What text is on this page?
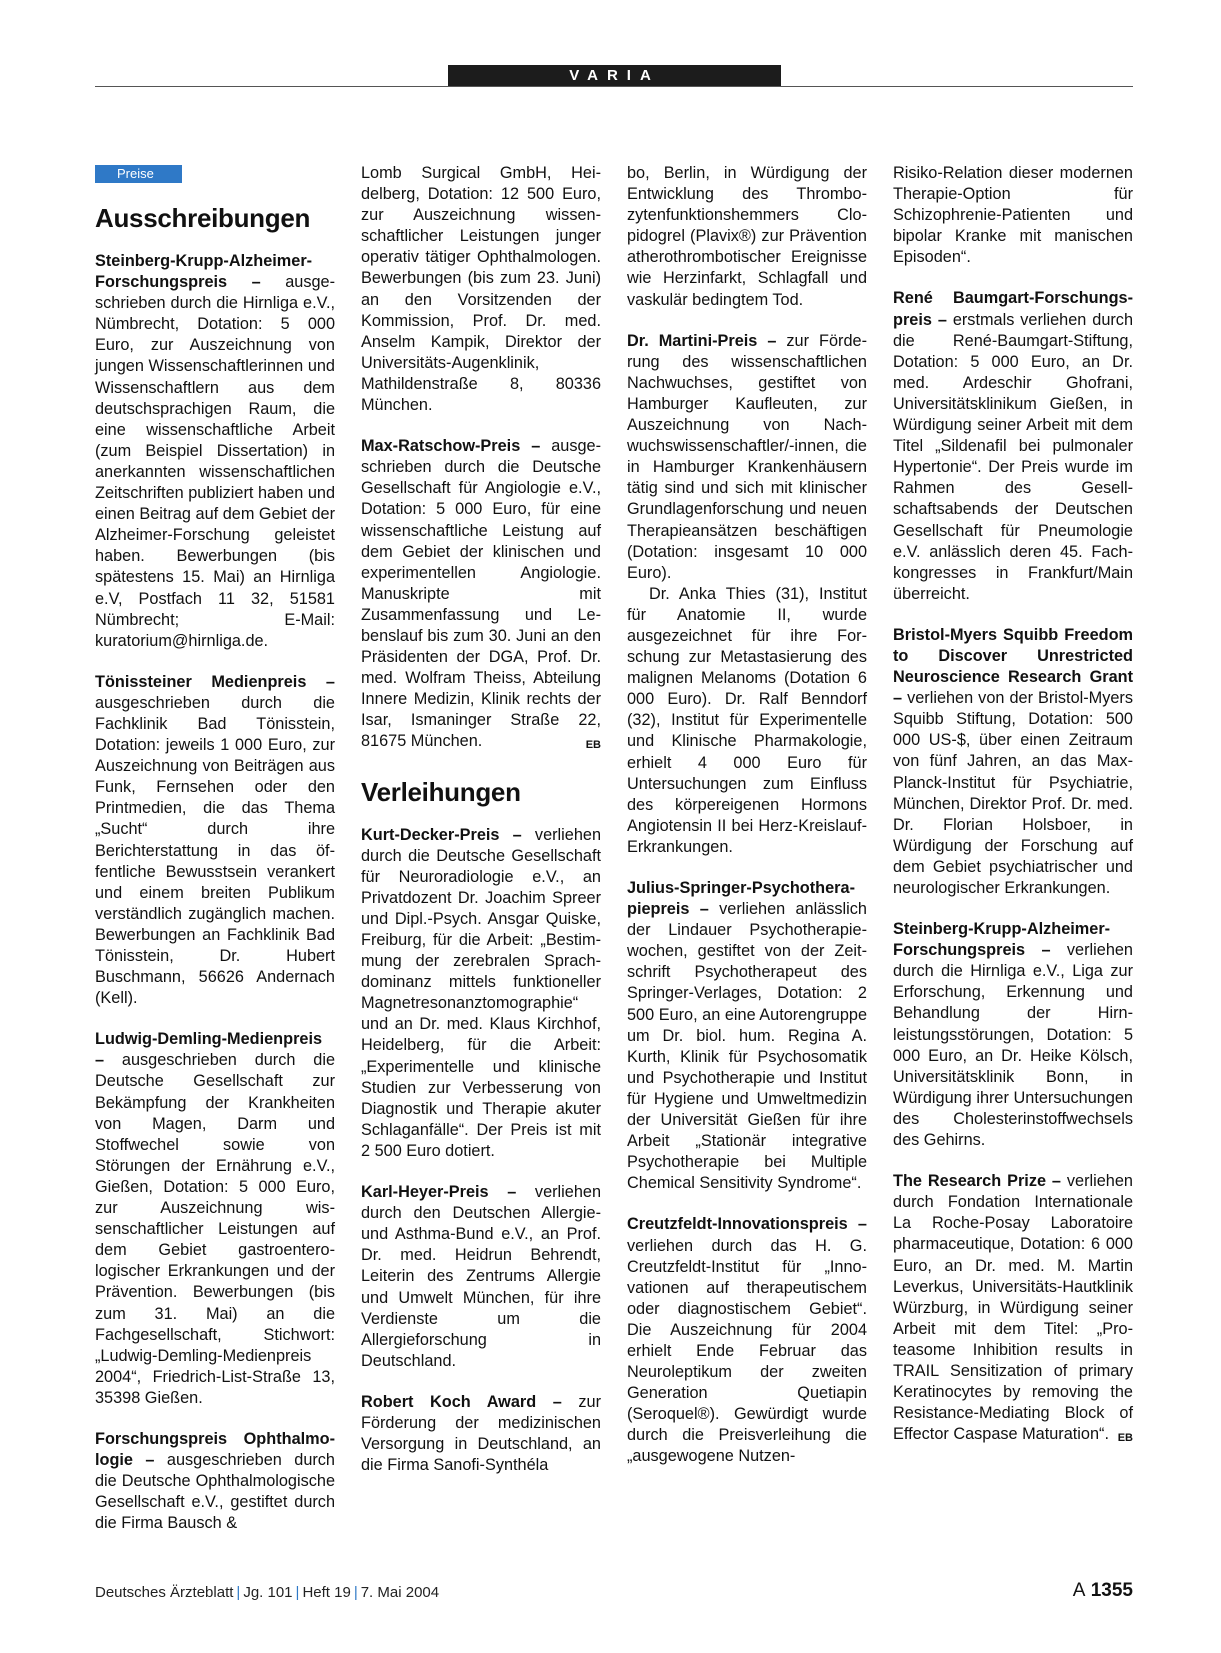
VARIA
Preise
Ausschreibungen

Steinberg-Krupp-Alzheimer-Forschungspreis – ausgeschrieben durch die Hirnliga e.V., Nümbrecht, Dotation: 5 000 Euro, zur Auszeichnung von jungen Wissenschaftlerinnen und Wissenschaftlern aus dem deutschsprachigen Raum, die eine wissenschaftliche Arbeit (zum Beispiel Dissertation) in anerkannten wissenschaftlichen Zeitschriften publiziert haben und einen Beitrag auf dem Gebiet der Alzheimer-Forschung geleistet haben. Bewerbungen (bis spätestens 15. Mai) an Hirnliga e.V, Postfach 11 32, 51581 Nümbrecht; E-Mail: kuratorium@hirnliga.de.

Tönissteiner Medienpreis – ausgeschrieben durch die Fachklinik Bad Tönisstein, Dotation: jeweils 1 000 Euro, zur Auszeichnung von Beiträgen aus Funk, Fernsehen oder den Printmedien, die das Thema „Sucht“ durch ihre Berichterstattung in das öffentliche Bewusstsein verankert und einem breiten Publikum verständlich zugänglich machen. Bewerbungen an Fachklinik Bad Tönisstein, Dr. Hubert Buschmann, 56626 Andernach (Kell).

Ludwig-Demling-Medienpreis – ausgeschrieben durch die Deutsche Gesellschaft zur Bekämpfung der Krankheiten von Magen, Darm und Stoffwechel sowie von Störungen der Ernährung e.V., Gießen, Dotation: 5 000 Euro, zur Auszeichnung wissenschaftlicher Leistungen auf dem Gebiet gastroenterologischer Erkrankungen und der Prävention. Bewerbungen (bis zum 31. Mai) an die Fachgesellschaft, Stichwort: „Ludwig-Demling-Medienpreis 2004“, Friedrich-List-Straße 13, 35398 Gießen.

Forschungspreis Ophthalmologie – ausgeschrieben durch die Deutsche Ophthalmologische Gesellschaft e.V., gestiftet durch die Firma Bausch &

Lomb Surgical GmbH, Heidelberg, Dotation: 12 500 Euro, zur Auszeichnung wissenschaftlicher Leistungen junger operativ tätiger Ophthalmologen. Bewerbungen (bis zum 23. Juni) an den Vorsitzenden der Kommission, Prof. Dr. med. Anselm Kampik, Direktor der Universitäts-Augenklinik, Mathildenstraße 8, 80336 München.

Max-Ratschow-Preis – ausgeschrieben durch die Deutsche Gesellschaft für Angiologie e.V., Dotation: 5 000 Euro, für eine wissenschaftliche Leistung auf dem Gebiet der klinischen und experimentellen Angiologie. Manuskripte mit Zusammenfassung und Lebenslauf bis zum 30. Juni an den Präsidenten der DGA, Prof. Dr. med. Wolfram Theiss, Abteilung Innere Medizin, Klinik rechts der Isar, Ismaninger Straße 22, 81675 München.	EB

Verleihungen

Kurt-Decker-Preis – verliehen durch die Deutsche Gesellschaft für Neuroradiologie e.V., an Privatdozent Dr. Joachim Spreer und Dipl.-Psych. Ansgar Quiske, Freiburg, für die Arbeit: „Bestimmung der zerebralen Sprachdominanz mittels funktioneller Magnetresonanztomographie“ und an Dr. med. Klaus Kirchhof, Heidelberg, für die Arbeit: „Experimentelle und klinische Studien zur Verbesserung von Diagnostik und Therapie akuter Schlaganfälle“. Der Preis ist mit 2 500 Euro dotiert.

Karl-Heyer-Preis – verliehen durch den Deutschen Allergie- und Asthma-Bund e.V., an Prof. Dr. med. Heidrun Behrendt, Leiterin des Zentrums Allergie und Umwelt München, für ihre Verdienste um die Allergieforschung in Deutschland.

Robert Koch Award – zur Förderung der medizinischen Versorgung in Deutschland, an die Firma Sanofi-Synthéla

bo, Berlin, in Würdigung der Entwicklung des Thrombozytenfunktionshemmers Clopidogrel (Plavix®) zur Prävention atherothrombotischer Ereignisse wie Herzinfarkt, Schlagfall und vaskulär bedingtem Tod.

Dr. Martini-Preis – zur Förderung des wissenschaftlichen Nachwuchses, gestiftet von Hamburger Kaufleuten, zur Auszeichnung von Nachwuchswissenschaftler/-innen, die in Hamburger Krankenhäusern tätig sind und sich mit klinischer Grundlagenforschung und neuen Therapieansätzen beschäftigen (Dotation: insgesamt 10 000 Euro).

Dr. Anka Thies (31), Institut für Anatomie II, wurde ausgezeichnet für ihre Forschung zur Metastasierung des malignen Melanoms (Dotation 6 000 Euro). Dr. Ralf Benndorf (32), Institut für Experimentelle und Klinische Pharmakologie, erhielt 4 000 Euro für Untersuchungen zum Einfluss des körpereigenen Hormons Angiotensin II bei Herz-Kreislauf-Erkrankungen.

Julius-Springer-Psychotherapiepreis – verliehen anlässlich der Lindauer Psychotherapiewochen, gestiftet von der Zeitschrift Psychotherapeut des Springer-Verlages, Dotation: 2 500 Euro, an eine Autorengruppe um Dr. biol. hum. Regina A. Kurth, Klinik für Psychosomatik und Psychotherapie und Institut für Hygiene und Umweltmedizin der Universität Gießen für ihre Arbeit „Stationär integrative Psychotherapie bei Multiple Chemical Sensitivity Syndrome“.

Creutzfeldt-Innovationspreis – verliehen durch das H. G. Creutzfeldt-Institut für „Innovationen auf therapeutischem oder diagnostischem Gebiet“. Die Auszeichnung für 2004 erhielt Ende Februar das Neuroleptikum der zweiten Generation Quetiapin (Seroquel®). Gewürdigt wurde durch die Preisverleihung die „ausgewogene Nutzen-

Risiko-Relation dieser modernen Therapie-Option für Schizophrenie-Patienten und bipolar Kranke mit manischen Episoden“.

René Baumgart-Forschungspreis – erstmals verliehen durch die René-Baumgart-Stiftung, Dotation: 5 000 Euro, an Dr. med. Ardeschir Ghofrani, Universitätsklinikum Gießen, in Würdigung seiner Arbeit mit dem Titel „Sildenafil bei pulmonaler Hypertonie“. Der Preis wurde im Rahmen des Gesellschaftsabends der Deutschen Gesellschaft für Pneumologie e.V. anlässlich deren 45. Fachkongresses in Frankfurt/Main überreicht.

Bristol-Myers Squibb Freedom to Discover Unrestricted Neuroscience Research Grant – verliehen von der Bristol-Myers Squibb Stiftung, Dotation: 500 000 US-$, über einen Zeitraum von fünf Jahren, an das Max-Planck-Institut für Psychiatrie, München, Direktor Prof. Dr. med. Dr. Florian Holsboer, in Würdigung der Forschung auf dem Gebiet psychiatrischer und neurologischer Erkrankungen.

Steinberg-Krupp-Alzheimer-Forschungspreis – verliehen durch die Hirnliga e.V., Liga zur Erforschung, Erkennung und Behandlung der Hirnleistungsstörungen, Dotation: 5 000 Euro, an Dr. Heike Kölsch, Universitätsklinik Bonn, in Würdigung ihrer Untersuchungen des Cholesterinstoffwechsels des Gehirns.

The Research Prize – verliehen durch Fondation Internationale La Roche-Posay Laboratoire pharmaceutique, Dotation: 6 000 Euro, an Dr. med. M. Martin Leverkus, Universitäts-Hautklinik Würzburg, in Würdigung seiner Arbeit mit dem Titel: „Proteasome Inhibition results in TRAIL Sensitization of primary Keratinocytes by removing the Resistance-Mediating Block of Effector Caspase Maturation“. EB

Deutsches Ärzteblatt | Jg. 101 | Heft 19 | 7. Mai 2004	A 1355
